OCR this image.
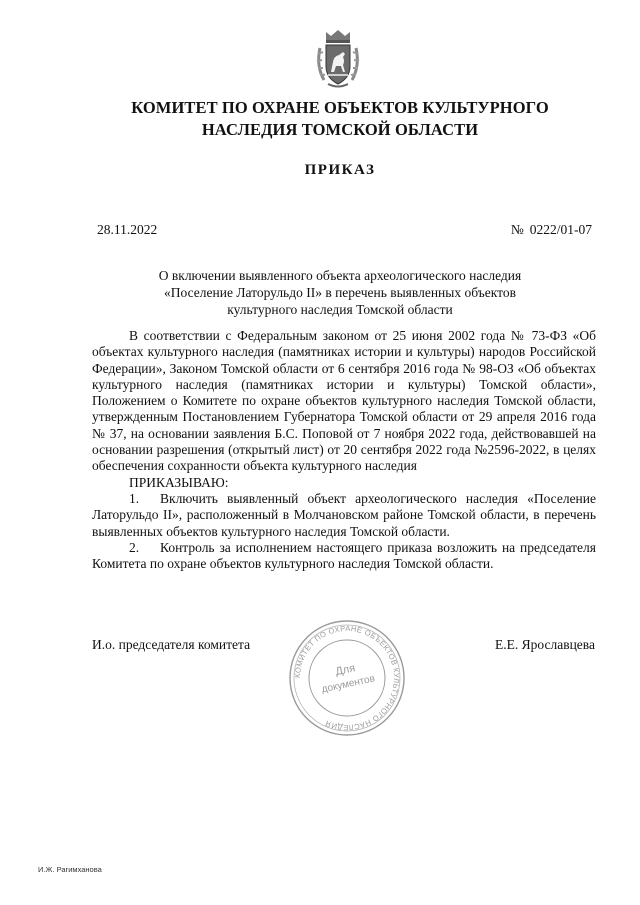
КОМИТЕТ ПО ОХРАНЕ ОБЪЕКТОВ КУЛЬТУРНОГО
НАСЛЕДИЯ ТОМСКОЙ ОБЛАСТИ
ПРИКАЗ
28.11.2022	№ 0222/01-07
О включении выявленного объекта археологического наследия
«Поселение Латорульдо II» в перечень выявленных объектов
культурного наследия Томской области

В соответствии с Федеральным законом от 25 июня 2002 года № 73-ФЗ «Об объектах культурного наследия (памятниках истории и культуры) народов Российской Федерации», Законом Томской области от 6 сентября 2016 года № 98-ОЗ «Об объектах культурного наследия (памятниках истории и культуры) Томской области», Положением о Комитете по охране объектов культурного наследия Томской области, утвержденным Постановлением Губернатора Томской области от 29 апреля 2016 года № 37, на основании заявления Б.С. Поповой от 7 ноября 2022 года, действовавшей на основании разрешения (открытый лист) от 20 сентября 2022 года №2596-2022, в целях обеспечения сохранности объекта культурного наследия

ПРИКАЗЫВАЮ:

1. Включить выявленный объект археологического наследия «Поселение Латорульдо II», расположенный в Молчановском районе Томской области, в перечень выявленных объектов культурного наследия Томской области.

2. Контроль за исполнением настоящего приказа возложить на председателя Комитета по охране объектов культурного наследия Томской области.

И.о. председателя комитета	Е.Е. Ярославцева
КОМИТЕТ ПО ОХРАНЕ ОБЪЕКТОВ КУЛЬТУРНОГО НАСЛЕДИЯ
Для
документов
И.Ж. Рагимханова
